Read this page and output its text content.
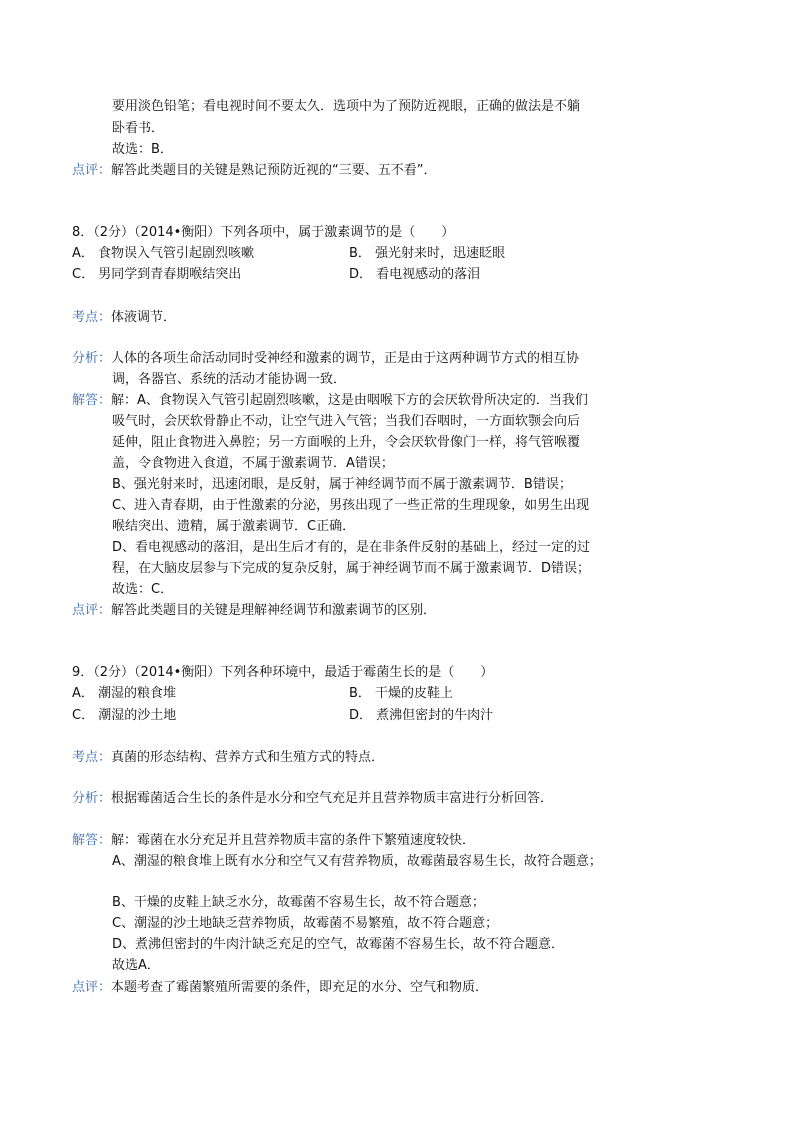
要用淡色铅笔；看电视时间不要太久．选项中为了预防近视眼，正确的做法是不躺
卧看书．
故选：B．
点评：解答此类题目的关键是熟记预防近视的“三要、五不看”．
8．（2分）（2014•衡阳）下列各项中，属于激素调节的是（　　）
A． 食物误入气管引起剧烈咳嗽	B． 强光射来时，迅速眨眼
C． 男同学到青春期喉结突出	D． 看电视感动的落泪
考点：体液调节．
分析：人体的各项生命活动同时受神经和激素的调节，正是由于这两种调节方式的相互协
调，各器官、系统的活动才能协调一致．
解答：解：A、食物误入气管引起剧烈咳嗽，这是由咽喉下方的会厌软骨所决定的．当我们
吸气时，会厌软骨静止不动，让空气进入气管；当我们吞咽时，一方面软颚会向后
延伸，阻止食物进入鼻腔；另一方面喉的上升，令会厌软骨像门一样，将气管喉覆
盖，令食物进入食道，不属于激素调节．A错误；
B、强光射来时，迅速闭眼，是反射，属于神经调节而不属于激素调节．B错误；
C、进入青春期，由于性激素的分泌，男孩出现了一些正常的生理现象，如男生出现
喉结突出、遗精，属于激素调节．C正确．
D、看电视感动的落泪，是出生后才有的，是在非条件反射的基础上，经过一定的过
程，在大脑皮层参与下完成的复杂反射，属于神经调节而不属于激素调节．D错误；
故选：C．
点评：解答此类题目的关键是理解神经调节和激素调节的区别．
9．（2分）（2014•衡阳）下列各种环境中，最适于霉菌生长的是（　　）
A． 潮湿的粮食堆	B． 干燥的皮鞋上
C． 潮湿的沙土地	D． 煮沸但密封的牛肉汁
考点：真菌的形态结构、营养方式和生殖方式的特点．
分析：根据霉菌适合生长的条件是水分和空气充足并且营养物质丰富进行分析回答．
解答：解：霉菌在水分充足并且营养物质丰富的条件下繁殖速度较快．
A、潮湿的粮食堆上既有水分和空气又有营养物质，故霉菌最容易生长，故符合题意；
B、干燥的皮鞋上缺乏水分，故霉菌不容易生长，故不符合题意；
C、潮湿的沙土地缺乏营养物质，故霉菌不易繁殖，故不符合题意；
D、煮沸但密封的牛肉汁缺乏充足的空气，故霉菌不容易生长，故不符合题意．
故选A．
点评：本题考查了霉菌繁殖所需要的条件，即充足的水分、空气和物质．
